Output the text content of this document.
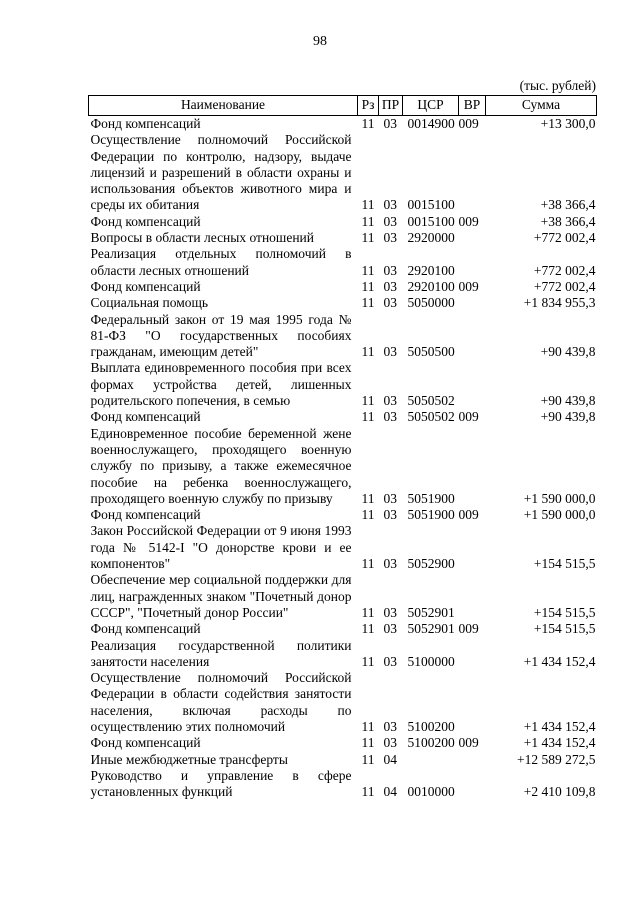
98
(тыс. рублей)
Наименование	Рз	ПР	ЦСР	ВР	Сумма
Фонд компенсаций	11	03	0014900	009	+13 300,0
Осуществление полномочий Российской Федерации по контролю, надзору, выдаче лицензий и разрешений в области охраны и использования объектов животного мира и среды их обитания	11	03	0015100		+38 366,4
Фонд компенсаций	11	03	0015100	009	+38 366,4
Вопросы в области лесных отношений	11	03	2920000		+772 002,4
Реализация отдельных полномочий в области лесных отношений	11	03	2920100		+772 002,4
Фонд компенсаций	11	03	2920100	009	+772 002,4
Социальная помощь	11	03	5050000		+1 834 955,3
Федеральный закон от 19 мая 1995 года № 81-ФЗ "О государственных пособиях гражданам, имеющим детей"	11	03	5050500		+90 439,8
Выплата единовременного пособия при всех формах устройства детей, лишенных родительского попечения, в семью	11	03	5050502		+90 439,8
Фонд компенсаций	11	03	5050502	009	+90 439,8
Единовременное пособие беременной жене военнослужащего, проходящего военную службу по призыву, а также ежемесячное пособие на ребенка военнослужащего, проходящего военную службу по призыву	11	03	5051900		+1 590 000,0
Фонд компенсаций	11	03	5051900	009	+1 590 000,0
Закон Российской Федерации от 9 июня 1993 года № 5142-I "О донорстве крови и ее компонентов"	11	03	5052900		+154 515,5
Обеспечение мер социальной поддержки для лиц, награжденных знаком "Почетный донор СССР", "Почетный донор России"	11	03	5052901		+154 515,5
Фонд компенсаций	11	03	5052901	009	+154 515,5
Реализация государственной политики занятости населения	11	03	5100000		+1 434 152,4
Осуществление полномочий Российской Федерации в области содействия занятости населения, включая расходы по осуществлению этих полномочий	11	03	5100200		+1 434 152,4
Фонд компенсаций	11	03	5100200	009	+1 434 152,4
Иные межбюджетные трансферты	11	04			+12 589 272,5
Руководство и управление в сфере установленных функций	11	04	0010000		+2 410 109,8
